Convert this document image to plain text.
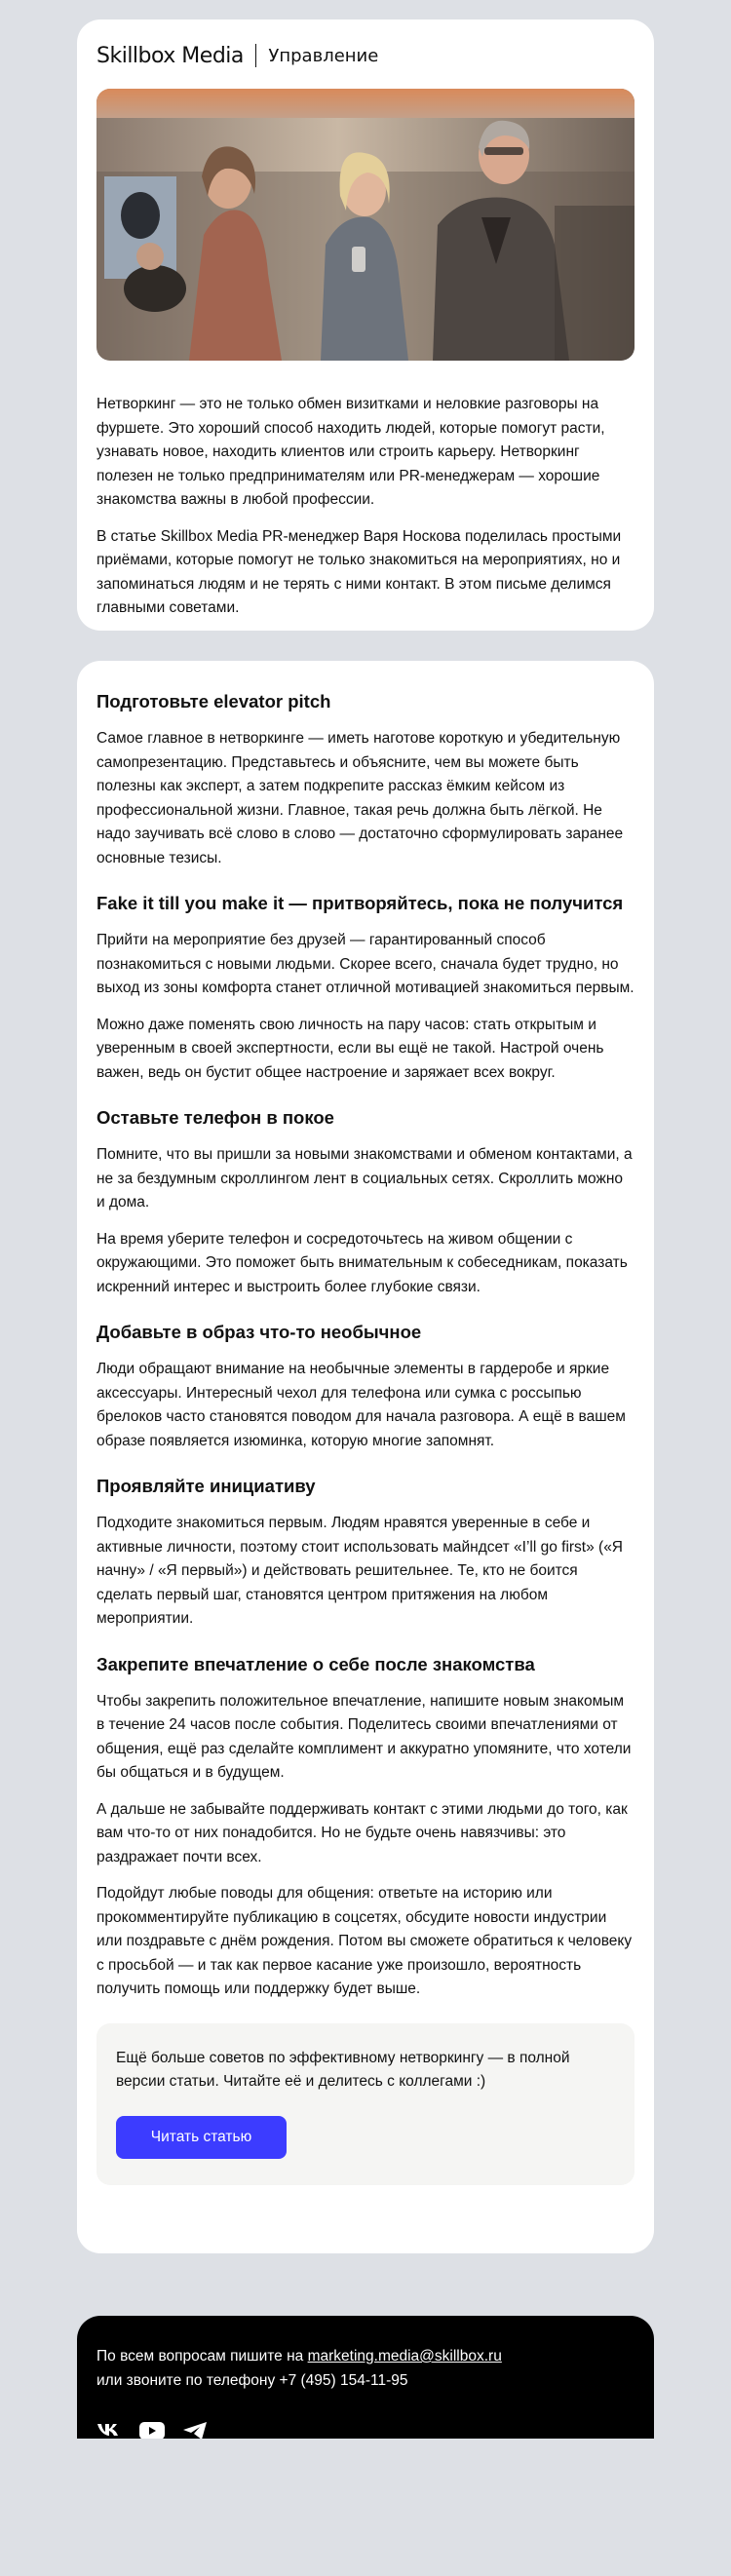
Skillbox Media Управление

Нетворкинг — это не только обмен визитками и неловкие разговоры на фуршете. Это хороший способ находить людей, которые помогут расти, узнавать новое, находить клиентов или строить карьеру. Нетворкинг полезен не только предпринимателям или PR-менеджерам — хорошие знакомства важны в любой профессии.

В статье Skillbox Media PR-менеджер Варя Носкова поделилась простыми приёмами, которые помогут не только знакомиться на мероприятиях, но и запоминаться людям и не терять с ними контакт. В этом письме делимся главными советами.

Подготовьте elevator pitch

Самое главное в нетворкинге — иметь наготове короткую и убедительную самопрезентацию. Представьтесь и объясните, чем вы можете быть полезны как эксперт, а затем подкрепите рассказ ёмким кейсом из профессиональной жизни. Главное, такая речь должна быть лёгкой. Не надо заучивать всё слово в слово — достаточно сформулировать заранее основные тезисы.

Fake it till you make it — притворяйтесь, пока не получится

Прийти на мероприятие без друзей — гарантированный способ познакомиться с новыми людьми. Скорее всего, сначала будет трудно, но выход из зоны комфорта станет отличной мотивацией знакомиться первым.

Можно даже поменять свою личность на пару часов: стать открытым и уверенным в своей экспертности, если вы ещё не такой. Настрой очень важен, ведь он бустит общее настроение и заряжает всех вокруг.

Оставьте телефон в покое

Помните, что вы пришли за новыми знакомствами и обменом контактами, а не за бездумным скроллингом лент в социальных сетях. Скроллить можно и дома.

На время уберите телефон и сосредоточьтесь на живом общении с окружающими. Это поможет быть внимательным к собеседникам, показать искренний интерес и выстроить более глубокие связи.

Добавьте в образ что-то необычное

Люди обращают внимание на необычные элементы в гардеробе и яркие аксессуары. Интересный чехол для телефона или сумка с россыпью брелоков часто становятся поводом для начала разговора. А ещё в вашем образе появляется изюминка, которую многие запомнят.

Проявляйте инициативу

Подходите знакомиться первым. Людям нравятся уверенные в себе и активные личности, поэтому стоит использовать майндсет «I’ll go first» («Я начну» / «Я первый») и действовать решительнее. Те, кто не боится сделать первый шаг, становятся центром притяжения на любом мероприятии.

Закрепите впечатление о себе после знакомства

Чтобы закрепить положительное впечатление, напишите новым знакомым в течение 24 часов после события. Поделитесь своими впечатлениями от общения, ещё раз сделайте комплимент и аккуратно упомяните, что хотели бы общаться и в будущем.

А дальше не забывайте поддерживать контакт с этими людьми до того, как вам что-то от них понадобится. Но не будьте очень навязчивы: это раздражает почти всех.

Подойдут любые поводы для общения: ответьте на историю или прокомментируйте публикацию в соцсетях, обсудите новости индустрии или поздравьте с днём рождения. Потом вы сможете обратиться к человеку с просьбой — и так как первое касание уже произошло, вероятность получить помощь или поддержку будет выше.

Ещё больше советов по эффективному нетворкингу — в полной версии статьи. Читайте её и делитесь с коллегами :)

Читать статью

По всем вопросам пишите на marketing.media@skillbox.ru

или звоните по телефону +7 (495) 154-11-95
